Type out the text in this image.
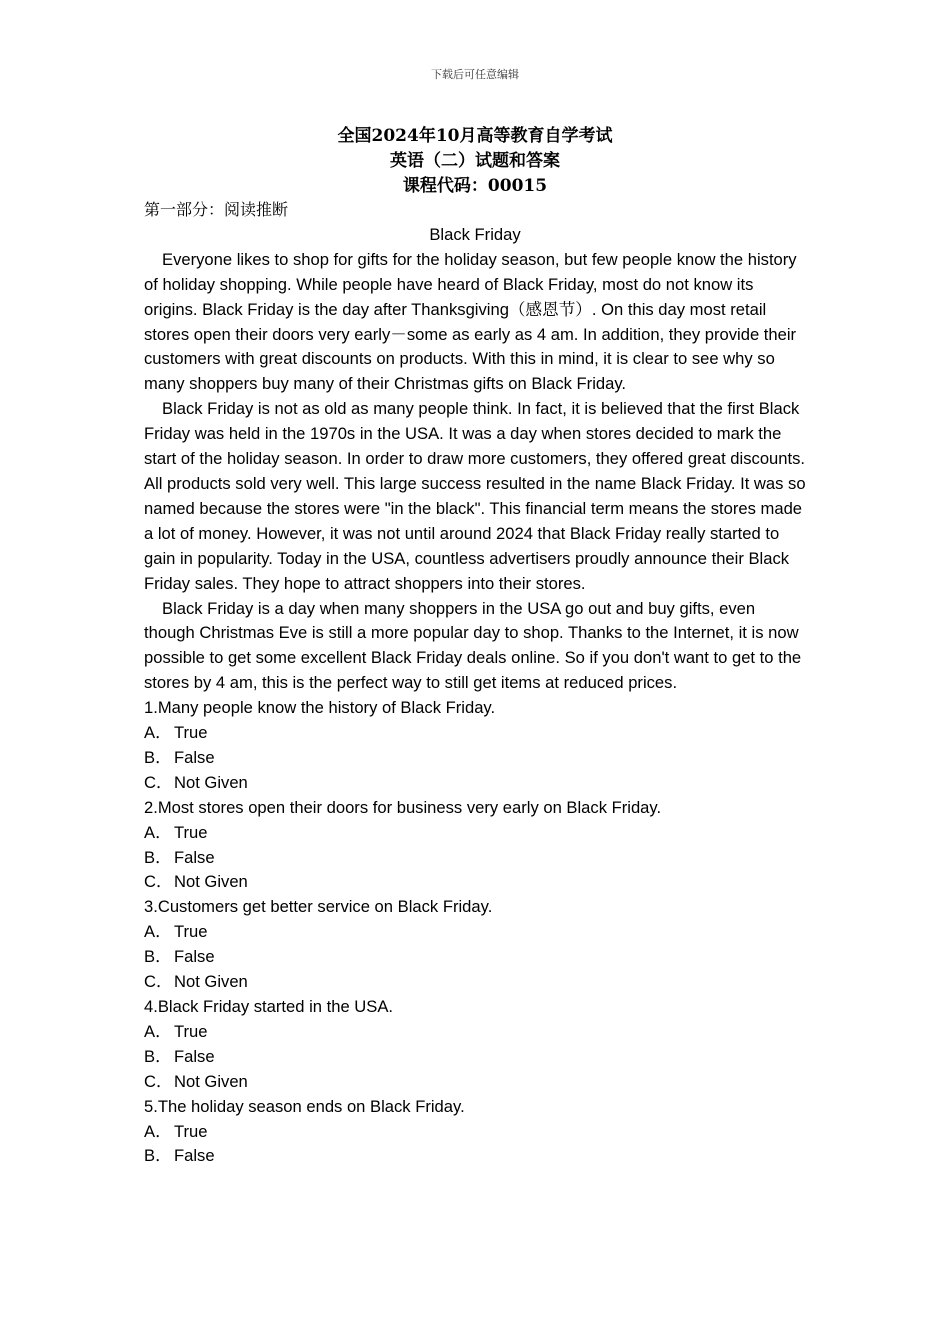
下载后可任意编辑
全国2024年10月高等教育自学考试
英语（二）试题和答案
课程代码：00015

第一部分：阅读推断

Black Friday

Everyone likes to shop for gifts for the holiday season, but few people know the history of holiday shopping. While people have heard of Black Friday, most do not know its origins. Black Friday is the day after Thanksgiving（感恩节）. On this day most retail stores open their doors very early－some as early as 4 am. In addition, they provide their customers with great discounts on products. With this in mind, it is clear to see why so many shoppers buy many of their Christmas gifts on Black Friday.

Black Friday is not as old as many people think. In fact, it is believed that the first Black Friday was held in the 1970s in the USA. It was a day when stores decided to mark the start of the holiday season. In order to draw more customers, they offered great discounts. All products sold very well. This large success resulted in the name Black Friday. It was so named because the stores were "in the black". This financial term means the stores made a lot of money. However, it was not until around 2024 that Black Friday really started to gain in popularity. Today in the USA, countless advertisers proudly announce their Black Friday sales. They hope to attract shoppers into their stores.

Black Friday is a day when many shoppers in the USA go out and buy gifts, even though Christmas Eve is still a more popular day to shop. Thanks to the Internet, it is now possible to get some excellent Black Friday deals online. So if you don't want to get to the stores by 4 am, this is the perfect way to still get items at reduced prices.

1.Many people know the history of Black Friday.

A． True

B． False

C．Not Given

2.Most stores open their doors for business very early on Black Friday.

A． True

B． False

C．Not Given

3.Customers get better service on Black Friday.

A． True

B． False

C．Not Given

4.Black Friday started in the USA.

A． True

B． False

C．Not Given

5.The holiday season ends on Black Friday.

A． True

B． False
